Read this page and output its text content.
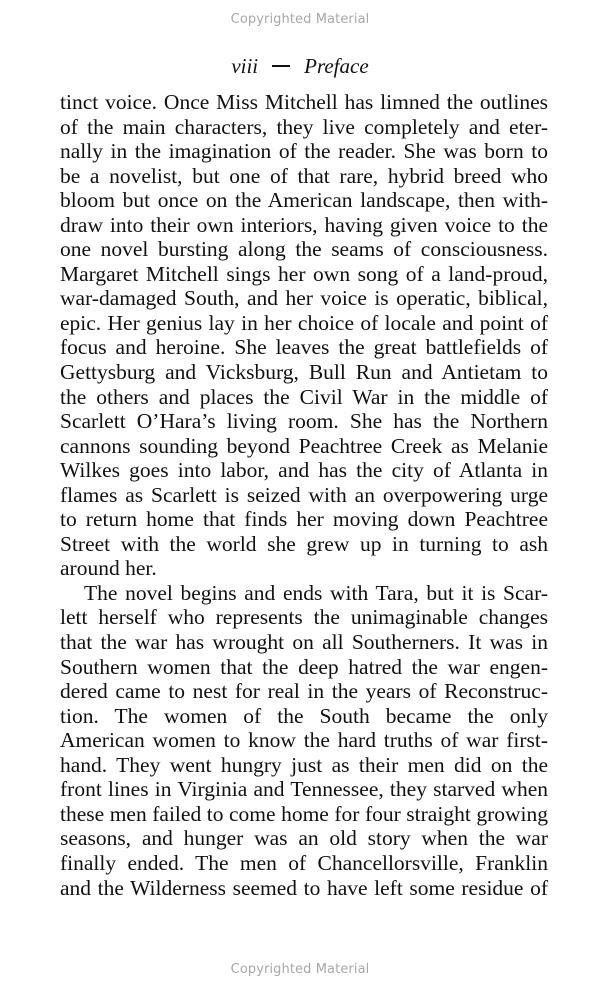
Copyrighted Material
viii Preface
tinct voice. Once Miss Mitchell has limned the outlines
of the main characters, they live completely and eter-
nally in the imagination of the reader. She was born to
be a novelist, but one of that rare, hybrid breed who
bloom but once on the American landscape, then with-
draw into their own interiors, having given voice to the
one novel bursting along the seams of consciousness.
Margaret Mitchell sings her own song of a land-proud,
war-damaged South, and her voice is operatic, biblical,
epic. Her genius lay in her choice of locale and point of
focus and heroine. She leaves the great battlefields of
Gettysburg and Vicksburg, Bull Run and Antietam to
the others and places the Civil War in the middle of
Scarlett O’Hara’s living room. She has the Northern
cannons sounding beyond Peachtree Creek as Melanie
Wilkes goes into labor, and has the city of Atlanta in
flames as Scarlett is seized with an overpowering urge
to return home that finds her moving down Peachtree
Street with the world she grew up in turning to ash
around her.
The novel begins and ends with Tara, but it is Scar-
lett herself who represents the unimaginable changes
that the war has wrought on all Southerners. It was in
Southern women that the deep hatred the war engen-
dered came to nest for real in the years of Reconstruc-
tion. The women of the South became the only
American women to know the hard truths of war first-
hand. They went hungry just as their men did on the
front lines in Virginia and Tennessee, they starved when
these men failed to come home for four straight growing
seasons, and hunger was an old story when the war
finally ended. The men of Chancellorsville, Franklin
and the Wilderness seemed to have left some residue of
Copyrighted Material
